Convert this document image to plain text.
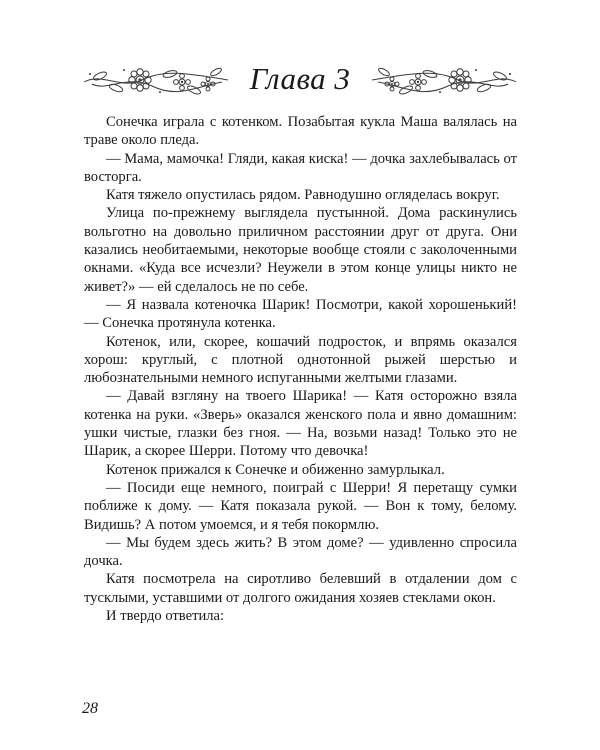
Глава 3

Сонечка играла с котенком. Позабытая кукла Маша валялась на траве около пледа.

— Мама, мамочка! Гляди, какая киска! — дочка захлебывалась от восторга.

Катя тяжело опустилась рядом. Равнодушно огляделась вокруг.

Улица по-прежнему выглядела пустынной. Дома раскинулись вольготно на довольно приличном расстоянии друг от друга. Они казались необитаемыми, некоторые вообще стояли с заколоченными окнами. «Куда все исчезли? Неужели в этом конце улицы никто не живет?» — ей сделалось не по себе.

— Я назвала котеночка Шарик! Посмотри, какой хорошенький! — Сонечка протянула котенка.

Котенок, или, скорее, кошачий подросток, и впрямь оказался хорош: круглый, с плотной однотонной рыжей шерстью и любознательными немного испуганными желтыми глазами.

— Давай взгляну на твоего Шарика! — Катя осторожно взяла котенка на руки. «Зверь» оказался женского пола и явно домашним: ушки чистые, глазки без гноя. — На, возьми назад! Только это не Шарик, а скорее Шерри. Потому что девочка!

Котенок прижался к Сонечке и обиженно замурлыкал.

— Посиди еще немного, поиграй с Шерри! Я перетащу сумки поближе к дому. — Катя показала рукой. — Вон к тому, белому. Видишь? А потом умоемся, и я тебя покормлю.

— Мы будем здесь жить? В этом доме? — удивленно спросила дочка.

Катя посмотрела на сиротливо белевший в отдалении дом с тусклыми, уставшими от долгого ожидания хозяев стеклами окон.

И твердо ответила:

28
